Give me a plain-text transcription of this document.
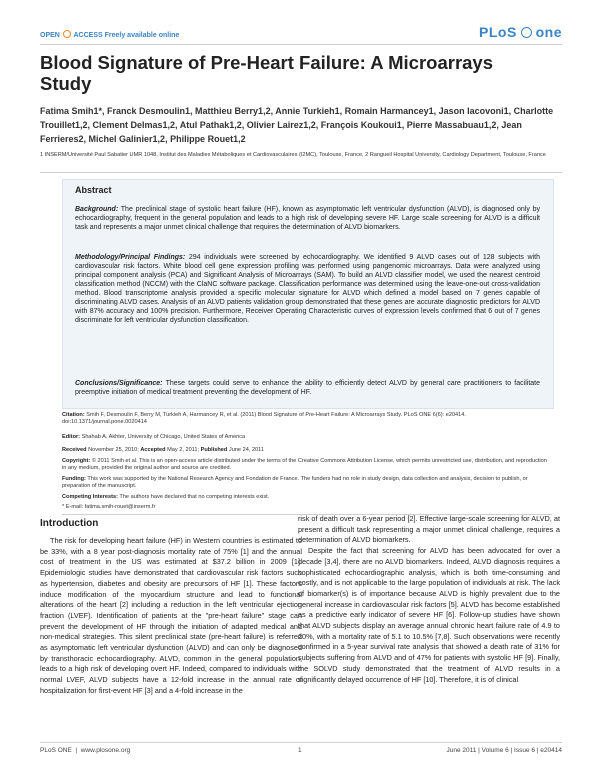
OPEN ACCESS Freely available online	PLoS one
Blood Signature of Pre-Heart Failure: A Microarrays Study
Fatima Smih1*, Franck Desmoulin1, Matthieu Berry1,2, Annie Turkieh1, Romain Harmancey1, Jason Iacovoni1, Charlotte Trouillet1,2, Clement Delmas1,2, Atul Pathak1,2, Olivier Lairez1,2, François Koukoui1, Pierre Massabuau1,2, Jean Ferrieres2, Michel Galinier1,2, Philippe Rouet1,2
1 INSERM/Université Paul Sabatier UMR 1048, Institut des Maladies Métaboliques et Cardiovasculaires (I2MC), Toulouse, France, 2 Rangueil Hospital University, Cardiology Department, Toulouse, France
Abstract

Background: The preclinical stage of systolic heart failure (HF), known as asymptomatic left ventricular dysfunction (ALVD), is diagnosed only by echocardiography, frequent in the general population and leads to a high risk of developing severe HF. Large scale screening for ALVD is a difficult task and represents a major unmet clinical challenge that requires the determination of ALVD biomarkers.

Methodology/Principal Findings: 294 individuals were screened by echocardiography. We identified 9 ALVD cases out of 128 subjects with cardiovascular risk factors. White blood cell gene expression profiling was performed using pangenomic microarrays. Data were analyzed using principal component analysis (PCA) and Significant Analysis of Microarrays (SAM). To build an ALVD classifier model, we used the nearest centroid classification method (NCCM) with the ClaNC software package. Classification performance was determined using the leave-one-out cross-validation method. Blood transcriptome analysis provided a specific molecular signature for ALVD which defined a model based on 7 genes capable of discriminating ALVD cases. Analysis of an ALVD patients validation group demonstrated that these genes are accurate diagnostic predictors for ALVD with 87% accuracy and 100% precision. Furthermore, Receiver Operating Characteristic curves of expression levels confirmed that 6 out of 7 genes discriminate for left ventricular dysfunction classification.

Conclusions/Significance: These targets could serve to enhance the ability to efficiently detect ALVD by general care practitioners to facilitate preemptive initiation of medical treatment preventing the development of HF.

Citation: Smih F, Desmoulin F, Berry M, Turkieh A, Harmancey R, et al. (2011) Blood Signature of Pre-Heart Failure: A Microarrays Study. PLoS ONE 6(6): e20414. doi:10.1371/journal.pone.0020414

Editor: Shahab A. Akhter, University of Chicago, United States of America

Received November 25, 2010; Accepted May 2, 2011; Published June 24, 2011

Copyright: © 2011 Smih et al. This is an open-access article distributed under the terms of the Creative Commons Attribution License, which permits unrestricted use, distribution, and reproduction in any medium, provided the original author and source are credited.

Funding: This work was supported by the National Research Agency and Fondation de France. The funders had no role in study design, data collection and analysis, decision to publish, or preparation of the manuscript.

Competing Interests: The authors have declared that no competing interests exist.

* E-mail: fatima.smih-rouet@inserm.fr

Introduction

The risk for developing heart failure (HF) in Western countries is estimated to be 33%, with a 8 year post-diagnosis mortality rate of 75% [1] and the annual cost of treatment in the US was estimated at $37.2 billion in 2009 [1]. Epidemiologic studies have demonstrated that cardiovascular risk factors such as hypertension, diabetes and obesity are precursors of HF [1]. These factors induce modification of the myocardium structure and lead to functional alterations of the heart [2] including a reduction in the left ventricular ejection fraction (LVEF). Identification of patients at the "pre-heart failure" stage can prevent the development of HF through the initiation of adapted medical and non-medical strategies. This silent preclinical state (pre-heart failure) is referred as asymptomatic left ventricular dysfunction (ALVD) and can only be diagnosed by transthoracic echocardiography. ALVD, common in the general population, leads to a high risk of developing overt HF. Indeed, compared to individuals with normal LVEF, ALVD subjects have a 12-fold increase in the annual rate of hospitalization for first-event HF [3] and a 4-fold increase in the

risk of death over a 6-year period [2]. Effective large-scale screening for ALVD, at present a difficult task representing a major unmet clinical challenge, requires a determination of ALVD biomarkers.

Despite the fact that screening for ALVD has been advocated for over a decade [3,4], there are no ALVD biomarkers. Indeed, ALVD diagnosis requires a sophisticated echocardiographic analysis, which is both time-consuming and costly, and is not applicable to the large population of individuals at risk. The lack of biomarker(s) is of importance because ALVD is highly prevalent due to the general increase in cardiovascular risk factors [5]. ALVD has become established as a predictive early indicator of severe HF [6]. Follow-up studies have shown that ALVD subjects display an average annual chronic heart failure rate of 4.9 to 20%, with a mortality rate of 5.1 to 10.5% [7,8]. Such observations were recently confirmed in a 5-year survival rate analysis that showed a death rate of 31% for subjects suffering from ALVD and of 47% for patients with systolic HF [9]. Finally, the SOLVD study demonstrated that the treatment of ALVD results in a significantly delayed occurrence of HF [10]. Therefore, it is of clinical

PLoS ONE  |  www.plosone.org	1	June 2011 | Volume 6 | Issue 6 | e20414
